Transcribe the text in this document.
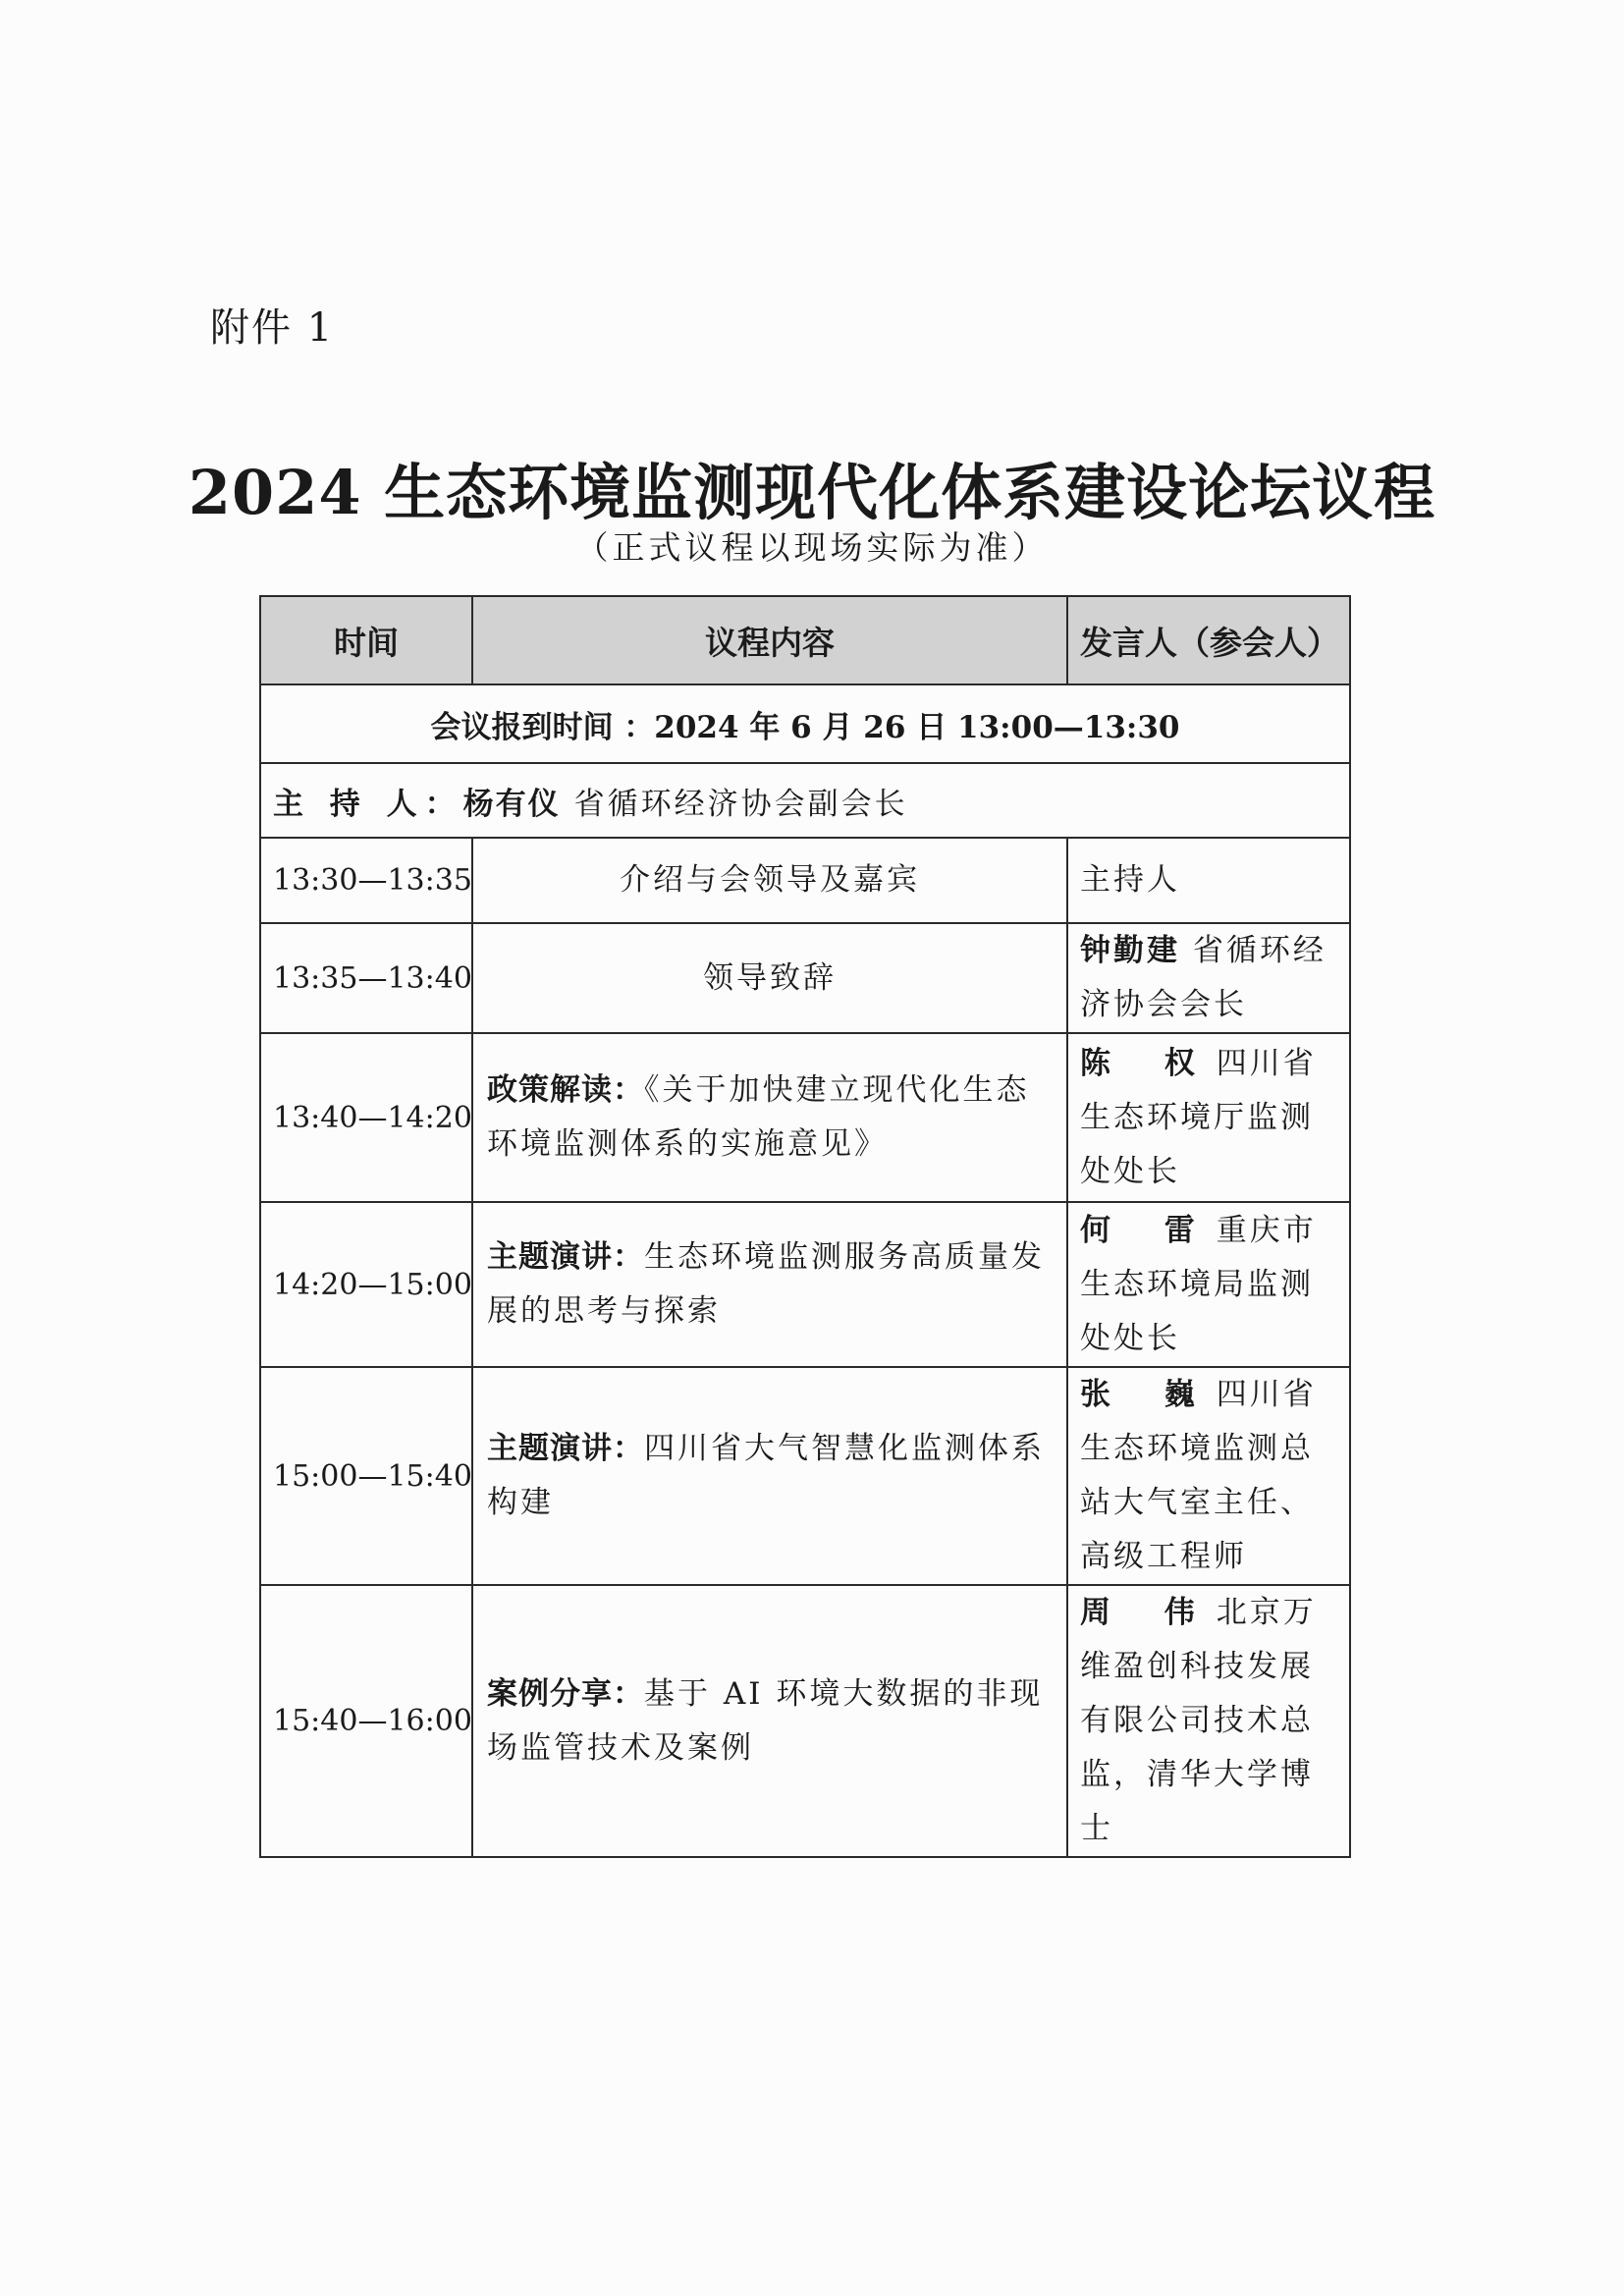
附件 1
2024 生态环境监测现代化体系建设论坛议程
（正式议程以现场实际为准）
时间	议程内容	发言人（参会人）
会议报到时间 ：2024 年 6 月 26 日 13:00—13:30		
主 持 人：杨有仪 省循环经济协会副会长		
13:30—13:35	介绍与会领导及嘉宾	主持人
13:35—13:40	领导致辞	钟勤建 省循环经济协会会长
13:40—14:20	政策解读：《关于加快建立现代化生态环境监测体系的实施意见》	陈 权四川省生态环境厅监测处处长
14:20—15:00	主题演讲：生态环境监测服务高质量发展的思考与探索	何 雷重庆市生态环境局监测处处长
15:00—15:40	主题演讲：四川省大气智慧化监测体系构建	张 巍四川省生态环境监测总站大气室主任、高级工程师
15:40—16:00	案例分享：基于 AI 环境大数据的非现场监管技术及案例	周 伟北京万维盈创科技发展有限公司技术总监，清华大学博士
